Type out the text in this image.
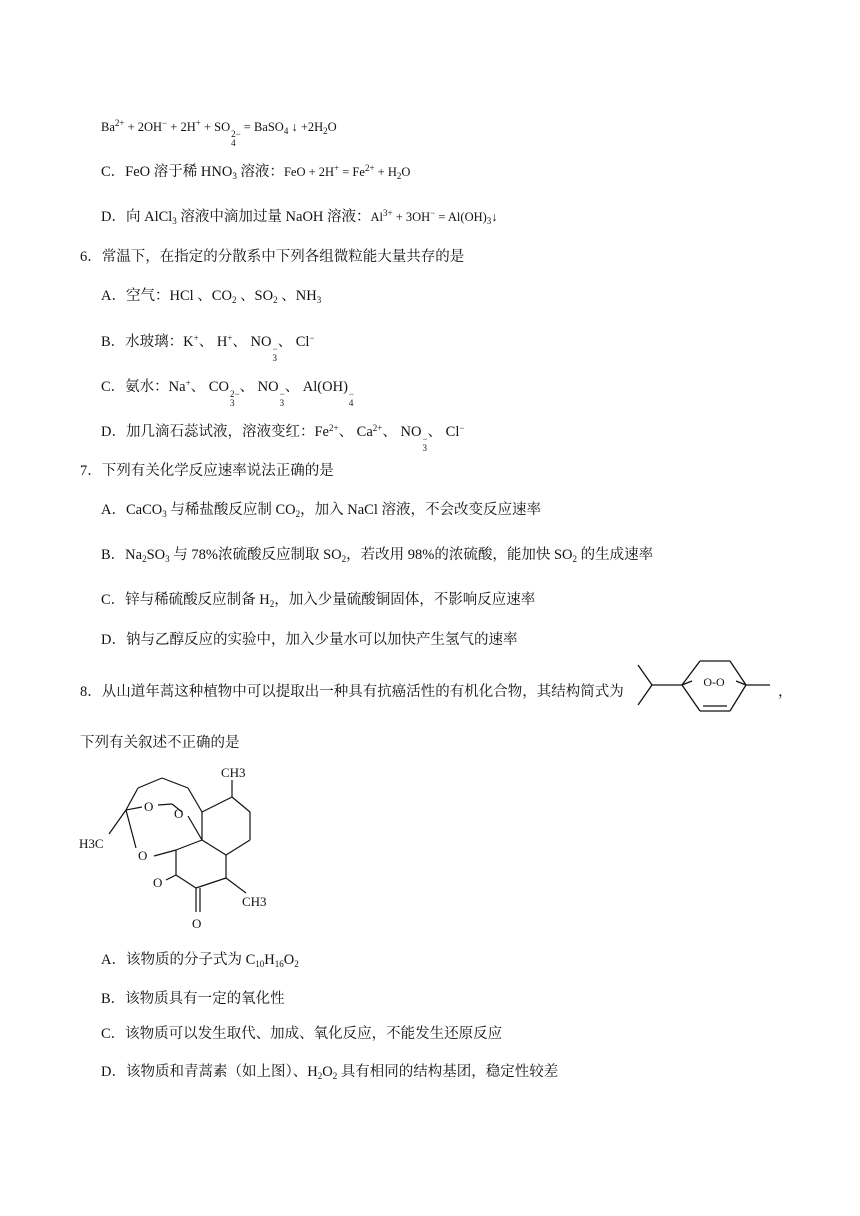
$Ba^{2+} + 2OH^- + 2H^+$ + SO 2−
4
= BaSO$_4$ ↓ $+2H_2O$
C．FeO 溶于稀 $HNO_3$ 溶液：FeO + $2H^+ = Fe^{2+} + H_2O$
D．向 AlCl$_3$ 溶液中滴加过量 NaOH 溶液：$Al^{3+} + 3OH^-$ = $Al(OH)_3↓$
6．常温下，在指定的分散系中下列各组微粒能大量共存的是
A．空气：HCl 、$CO_2$ 、$SO_2$ 、$NH_3$
B．水玻璃：K+、 H+、 NO −
3
、 Cl−
C．氨水：Na+、 CO 2−
3
、 NO −
3
、 Al(OH) −
4
D．加几滴石蕊试液，溶液变红：$Fe^{2+}$、 $Ca^{2+}$、 NO −
3
、 Cl−
7．下列有关化学反应速率说法正确的是
A．CaCO$_3$ 与稀盐酸反应制 $CO_2$，加入 NaCl 溶液，不会改变反应速率
B．$Na_2SO_3$ 与 78%浓硫酸反应制取 $SO_2$，若改用 98%的浓硫酸，能加快 $SO_2$ 的生成速率
C．锌与稀硫酸反应制备 $H_2$，加入少量硫酸铜固体，不影响反应速率
D．钠与乙醇反应的实验中，加入少量水可以加快产生氢气的速率
8．从山道年蒿这种植物中可以提取出一种具有抗癌活性的有机化合物，其结构简式为
O-O
，
下列有关叙述不正确的是
CH3
H3C
CH3
O O
O
O
O
A．该物质的分子式为 $C_{10}H_{16}O_2$
B．该物质具有一定的氧化性
C．该物质可以发生取代、加成、氧化反应，不能发生还原反应
D．该物质和青蒿素（如上图）、$H_2O_2$ 具有相同的结构基团，稳定性较差
